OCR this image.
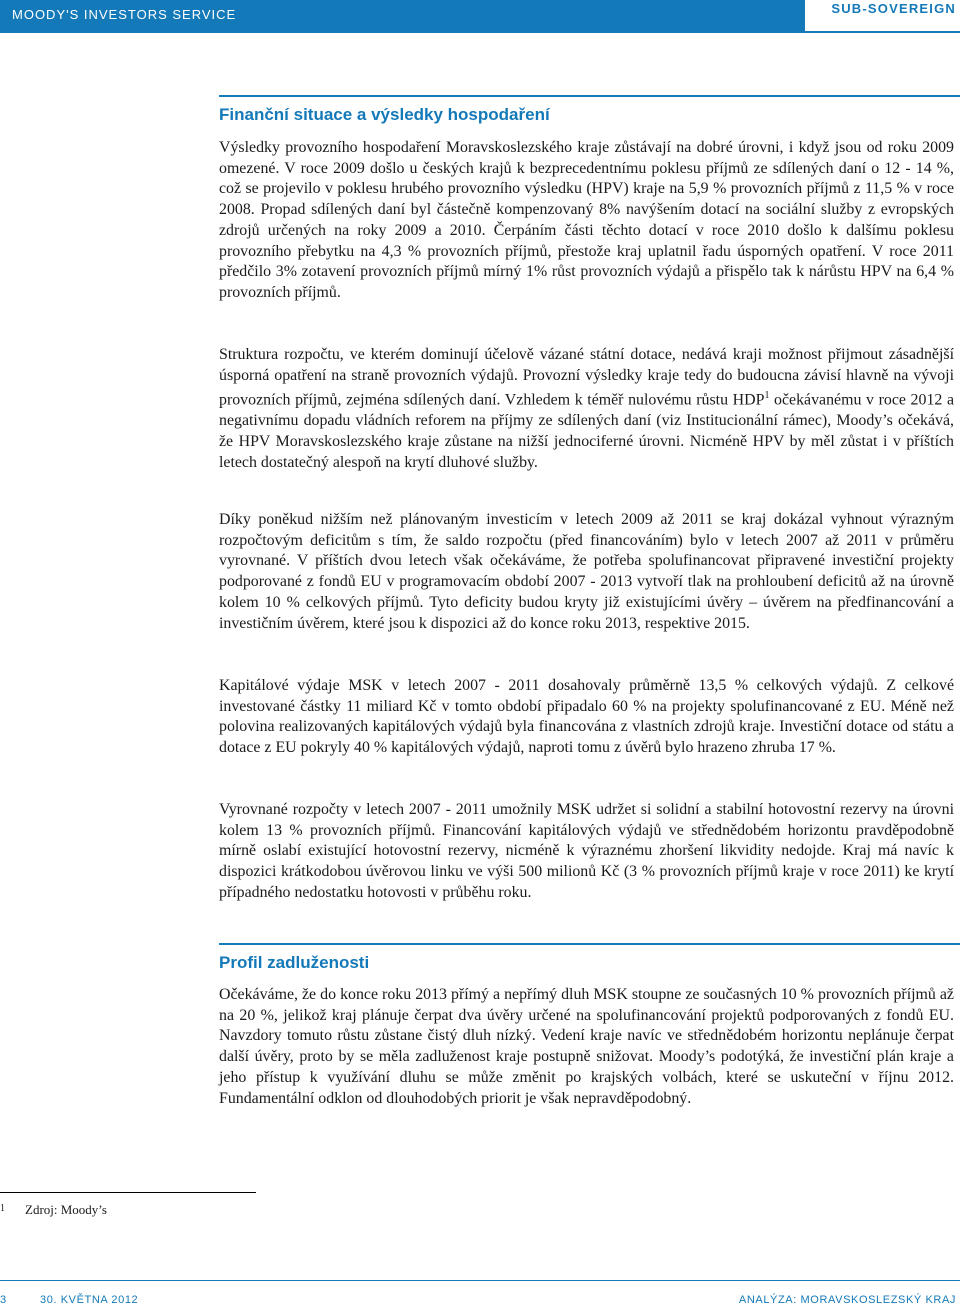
MOODY'S INVESTORS SERVICE	SUB-SOVEREIGN
Finanční situace a výsledky hospodaření

Výsledky provozního hospodaření Moravskoslezského kraje zůstávají na dobré úrovni, i když jsou od roku 2009 omezené. V roce 2009 došlo u českých krajů k bezprecedentnímu poklesu příjmů ze sdílených daní o 12 - 14 %, což se projevilo v poklesu hrubého provozního výsledku (HPV) kraje na 5,9 % provozních příjmů z 11,5 % v roce 2008. Propad sdílených daní byl částečně kompenzovaný 8% navýšením dotací na sociální služby z evropských zdrojů určených na roky 2009 a 2010. Čerpáním části těchto dotací v roce 2010 došlo k dalšímu poklesu provozního přebytku na 4,3 % provozních příjmů, přestože kraj uplatnil řadu úsporných opatření. V roce 2011 předčilo 3% zotavení provozních příjmů mírný 1% růst provozních výdajů a přispělo tak k nárůstu HPV na 6,4 % provozních příjmů.

Struktura rozpočtu, ve kterém dominují účelově vázané státní dotace, nedává kraji možnost přijmout zásadnější úsporná opatření na straně provozních výdajů. Provozní výsledky kraje tedy do budoucna závisí hlavně na vývoji provozních příjmů, zejména sdílených daní. Vzhledem k téměř nulovému růstu HDP$^1$ očekávanému v roce 2012 a negativnímu dopadu vládních reforem na příjmy ze sdílených daní (viz Institucionální rámec), Moody’s očekává, že HPV Moravskoslezského kraje zůstane na nižší jednociferné úrovni. Nicméně HPV by měl zůstat i v příštích letech dostatečný alespoň na krytí dluhové služby.

Díky poněkud nižším než plánovaným investicím v letech 2009 až 2011 se kraj dokázal vyhnout výrazným rozpočtovým deficitům s tím, že saldo rozpočtu (před financováním) bylo v letech 2007 až 2011 v průměru vyrovnané. V příštích dvou letech však očekáváme, že potřeba spolufinancovat připravené investiční projekty podporované z fondů EU v programovacím období 2007 - 2013 vytvoří tlak na prohloubení deficitů až na úrovně kolem 10 % celkových příjmů. Tyto deficity budou kryty již existujícími úvěry – úvěrem na předfinancování a investičním úvěrem, které jsou k dispozici až do konce roku 2013, respektive 2015.

Kapitálové výdaje MSK v letech 2007 - 2011 dosahovaly průměrně 13,5 % celkových výdajů. Z celkové investované částky 11 miliard Kč v tomto období připadalo 60 % na projekty spolufinancované z EU. Méně než polovina realizovaných kapitálových výdajů byla financována z vlastních zdrojů kraje. Investiční dotace od státu a dotace z EU pokryly 40 % kapitálových výdajů, naproti tomu z úvěrů bylo hrazeno zhruba 17 %.

Vyrovnané rozpočty v letech 2007 - 2011 umožnily MSK udržet si solidní a stabilní hotovostní rezervy na úrovni kolem 13 % provozních příjmů. Financování kapitálových výdajů ve střednědobém horizontu pravděpodobně mírně oslabí existující hotovostní rezervy, nicméně k výraznému zhoršení likvidity nedojde. Kraj má navíc k dispozici krátkodobou úvěrovou linku ve výši 500 milionů Kč (3 % provozních příjmů kraje v roce 2011) ke krytí případného nedostatku hotovosti v průběhu roku.

Profil zadluženosti

Očekáváme, že do konce roku 2013 přímý a nepřímý dluh MSK stoupne ze současných 10 % provozních příjmů až na 20 %, jelikož kraj plánuje čerpat dva úvěry určené na spolufinancování projektů podporovaných z fondů EU. Navzdory tomuto růstu zůstane čistý dluh nízký. Vedení kraje navíc ve střednědobém horizontu neplánuje čerpat další úvěry, proto by se měla zadluženost kraje postupně snižovat. Moody’s podotýká, že investiční plán kraje a jeho přístup k využívání dluhu se může změnit po krajských volbách, které se uskuteční v říjnu 2012. Fundamentální odklon od dlouhodobých priorit je však nepravděpodobný.

1 Zdroj: Moody’s
3	30. KVĚTNA 2012	ANALÝZA: MORAVSKOSLEZSKÝ KRAJ
